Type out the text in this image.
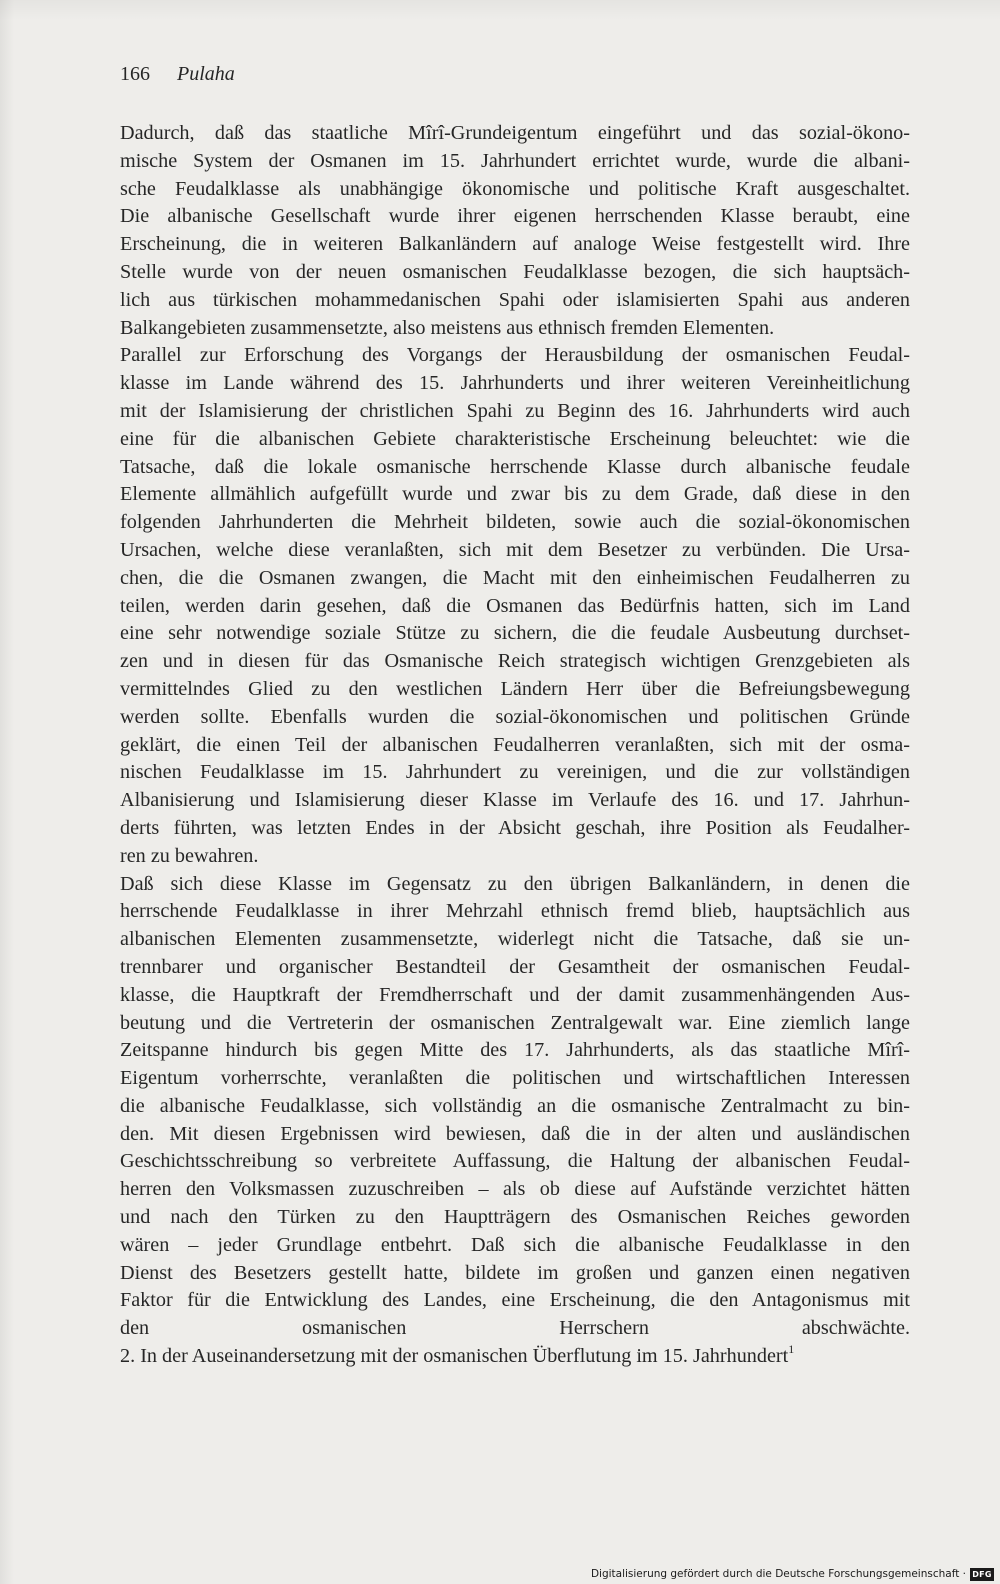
166 Pulaha
Dadurch, daß das staatliche Mîrî-Grundeigentum eingeführt und das sozial-ökono-
mische System der Osmanen im 15. Jahrhundert errichtet wurde, wurde die albani-
sche Feudalklasse als unabhängige ökonomische und politische Kraft ausgeschaltet.
Die albanische Gesellschaft wurde ihrer eigenen herrschenden Klasse beraubt, eine
Erscheinung, die in weiteren Balkanländern auf analoge Weise festgestellt wird. Ihre
Stelle wurde von der neuen osmanischen Feudalklasse bezogen, die sich hauptsäch-
lich aus türkischen mohammedanischen Spahi oder islamisierten Spahi aus anderen
Balkangebieten zusammensetzte, also meistens aus ethnisch fremden Elementen.
Parallel zur Erforschung des Vorgangs der Herausbildung der osmanischen Feudal-
klasse im Lande während des 15. Jahrhunderts und ihrer weiteren Vereinheitlichung
mit der Islamisierung der christlichen Spahi zu Beginn des 16. Jahrhunderts wird auch
eine für die albanischen Gebiete charakteristische Erscheinung beleuchtet: wie die
Tatsache, daß die lokale osmanische herrschende Klasse durch albanische feudale
Elemente allmählich aufgefüllt wurde und zwar bis zu dem Grade, daß diese in den
folgenden Jahrhunderten die Mehrheit bildeten, sowie auch die sozial-ökonomischen
Ursachen, welche diese veranlaßten, sich mit dem Besetzer zu verbünden. Die Ursa-
chen, die die Osmanen zwangen, die Macht mit den einheimischen Feudalherren zu
teilen, werden darin gesehen, daß die Osmanen das Bedürfnis hatten, sich im Land
eine sehr notwendige soziale Stütze zu sichern, die die feudale Ausbeutung durchset-
zen und in diesen für das Osmanische Reich strategisch wichtigen Grenzgebieten als
vermittelndes Glied zu den westlichen Ländern Herr über die Befreiungsbewegung
werden sollte. Ebenfalls wurden die sozial-ökonomischen und politischen Gründe
geklärt, die einen Teil der albanischen Feudalherren veranlaßten, sich mit der osma-
nischen Feudalklasse im 15. Jahrhundert zu vereinigen, und die zur vollständigen
Albanisierung und Islamisierung dieser Klasse im Verlaufe des 16. und 17. Jahrhun-
derts führten, was letzten Endes in der Absicht geschah, ihre Position als Feudalher-
ren zu bewahren.
Daß sich diese Klasse im Gegensatz zu den übrigen Balkanländern, in denen die
herrschende Feudalklasse in ihrer Mehrzahl ethnisch fremd blieb, hauptsächlich aus
albanischen Elementen zusammensetzte, widerlegt nicht die Tatsache, daß sie un-
trennbarer und organischer Bestandteil der Gesamtheit der osmanischen Feudal-
klasse, die Hauptkraft der Fremdherrschaft und der damit zusammenhängenden Aus-
beutung und die Vertreterin der osmanischen Zentralgewalt war. Eine ziemlich lange
Zeitspanne hindurch bis gegen Mitte des 17. Jahrhunderts, als das staatliche Mîrî-
Eigentum vorherrschte, veranlaßten die politischen und wirtschaftlichen Interessen
die albanische Feudalklasse, sich vollständig an die osmanische Zentralmacht zu bin-
den. Mit diesen Ergebnissen wird bewiesen, daß die in der alten und ausländischen
Geschichtsschreibung so verbreitete Auffassung, die Haltung der albanischen Feudal-
herren den Volksmassen zuzuschreiben – als ob diese auf Aufstände verzichtet hätten
und nach den Türken zu den Hauptträgern des Osmanischen Reiches geworden
wären – jeder Grundlage entbehrt. Daß sich die albanische Feudalklasse in den
Dienst des Besetzers gestellt hatte, bildete im großen und ganzen einen negativen
Faktor für die Entwicklung des Landes, eine Erscheinung, die den Antagonismus mit
den osmanischen Herrschern abschwächte.
2. In der Auseinandersetzung mit der osmanischen Überflutung im 15. Jahrhundert$^1$
Digitalisierung gefördert durch die Deutsche Forschungsgemeinschaft · DFG
